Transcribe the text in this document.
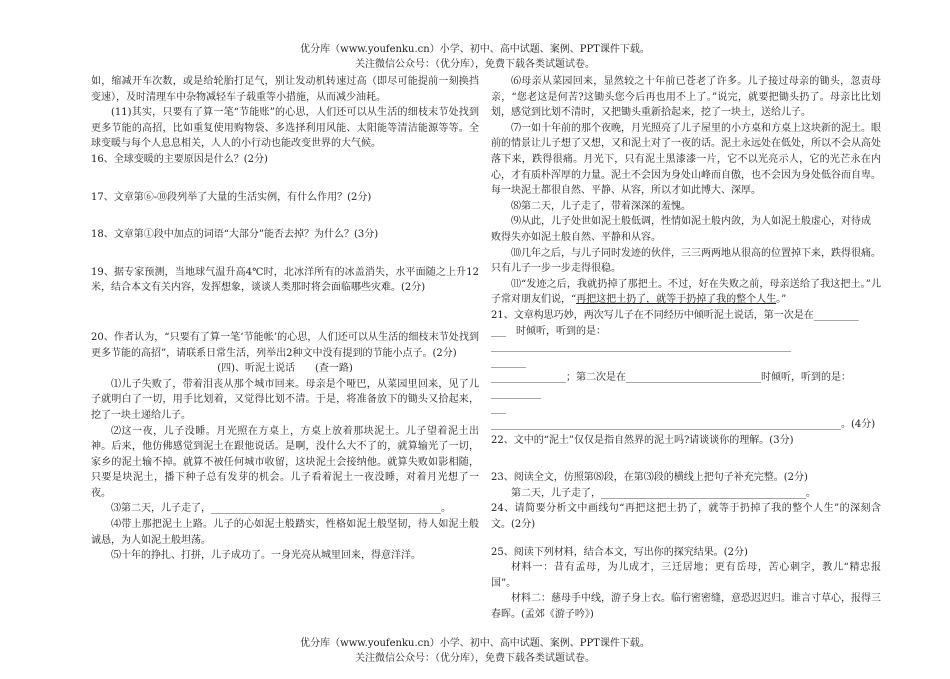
优分库（www.youfenku.cn）小学、初中、高中试题、案例、PPT课件下载。
关注微信公众号：（优分库），免费下载各类试题试卷。

如，缩减开车次数，或是给轮胎打足气，别让发动机转速过高（即尽可能提前一刻换挡变速），及时清理车中杂物减轻车子载重等小措施，从而减少油耗。

(11)其实，只要有了算一笔“节能账”的心思，人们还可以从生活的细枝末节处找到更多节能的高招，比如重复使用购物袋、多选择利用风能、太阳能等清洁能源等等。全球变暖与每个人息息相关，人人的小行动也能改变世界的大气候。

16、全球变暖的主要原因是什么？(2分)

17、文章第⑥-⑩段列举了大量的生活实例，有什么作用？(2分)

18、文章第①段中加点的词语“大部分”能否去掉？为什么？(3分)

19、据专家预测，当地球气温升高4℃时，北冰洋所有的冰盖消失，水平面随之上升12米，结合本文有关内容，发挥想象，谈谈人类那时将会面临哪些灾难。(2分)

20、作者认为，“只要有了算一笔‘节能帐’的心思，人们还可以从生活的细枝末节处找到更多节能的高招”，请联系日常生活，列举出2种文中没有提到的节能小点子。(2分)

(四)、听泥土说话　　(查一路)

⑴儿子失败了，带着泪丧从那个城市回来。母亲是个哑巴，从菜园里回来，见了儿子就明白了一切，用手比划着，又觉得比划不清。于是，将准备放下的锄头又拾起来，挖了一块土递给儿子。

⑵这一夜，儿子没睡。月光照在方桌上，方桌上放着那块泥土。儿子望着泥土出神。后来，他仿佛感觉到泥土在跟他说话。是啊，没什么大不了的，就算输光了一切，家乡的泥土输不掉。就算不被任何城市收留，这块泥土会接纳他。就算失败如影相随，只要是块泥土，播下种子总有发芽的机会。儿子看着泥土一夜没睡，对着月光想了一夜。

⑶第二天，儿子走了，______________________________________________。

⑷带上那把泥土上路。儿子的心如泥土般踏实，性格如泥土般坚韧，待人如泥土般诚恳，为人如泥土般坦荡。

⑸十年的挣扎、打拼，儿子成功了。一身光亮从城里回来，得意洋洋。

⑹母亲从菜园回来，显然较之十年前已苍老了许多。儿子接过母亲的锄头，忽责母亲，“您老这是何苦?这锄头您今后再也用不上了。”说完，就要把锄头扔了。母亲比比划划，感觉到比划不清时，又把锄头重新拾起来，挖了一块土，送给儿子。

⑺一如十年前的那个夜晚，月光照亮了儿子屋里的小方桌和方桌上这块新的泥土。眼前的情景让儿子想了又想，又和泥土对了一夜的话。泥土永远处在低处，所以不会从高处落下来，跌得很痛。月光下，只有泥土黑漆漆一片，它不以光亮示人，它的光芒永在内心，才有质朴浑厚的力量。泥土不会因为身处山峰而自傲，也不会因为身处低谷而自卑。每一块泥土都很自然、平静、从容，所以才如此博大、深厚。

⑻第二天，儿子走了，带着深深的羞愧。

⑼从此，儿子处世如泥土般低调，性情如泥土般内敛，为人如泥土般虚心，对待成

败得失亦如泥土般自然、平静和从容。

⑽几年之后，与儿子同时发迹的伙伴，三三两两地从很高的位置掉下来，跌得很痛。只有儿子一步一步走得很稳。

⑾“发迹之后，我就扔掉了那把土。不过，好在失败之前，母亲送给了我这把土。”儿子常对朋友们说，“再把这把土扔了，就等于扔掉了我的整个人生。”

21、文章构思巧妙，两次写儿子在不同经历中倾听泥土说话，第一次是在_________

___　时倾听，听到的是：____________________________________________________________

_______

_______________；第二次是在___________________________时倾听，听到的是：__________

___

______________________________________________________________________。(4分)

22、文中的“泥土”仅仅是指自然界的泥土吗?请谈谈你的理解。(3分)

23、阅读全文，仿照第⑻段，在第⑶段的横线上把句子补充完整。(2分)

第二天，儿子走了，_________________________________________。

24、请简要分析文中画线句“再把这把土扔了，就等于扔掉了我的整个人生”的深刻含文。(2分)

25、阅读下列材料，结合本文，写出你的探究结果。(2分)

材料一：昔有孟母，为儿成才，三迁居地；更有岳母，苦心刺字，教儿“精忠报国”。

材料二：慈母手中线，游子身上衣。临行密密缝，意恐迟迟归。谁言寸草心，报得三春晖。(孟郊《游子吟》)

优分库（www.youfenku.cn）小学、初中、高中试题、案例、PPT课件下载。
关注微信公众号：（优分库），免费下载各类试题试卷。
